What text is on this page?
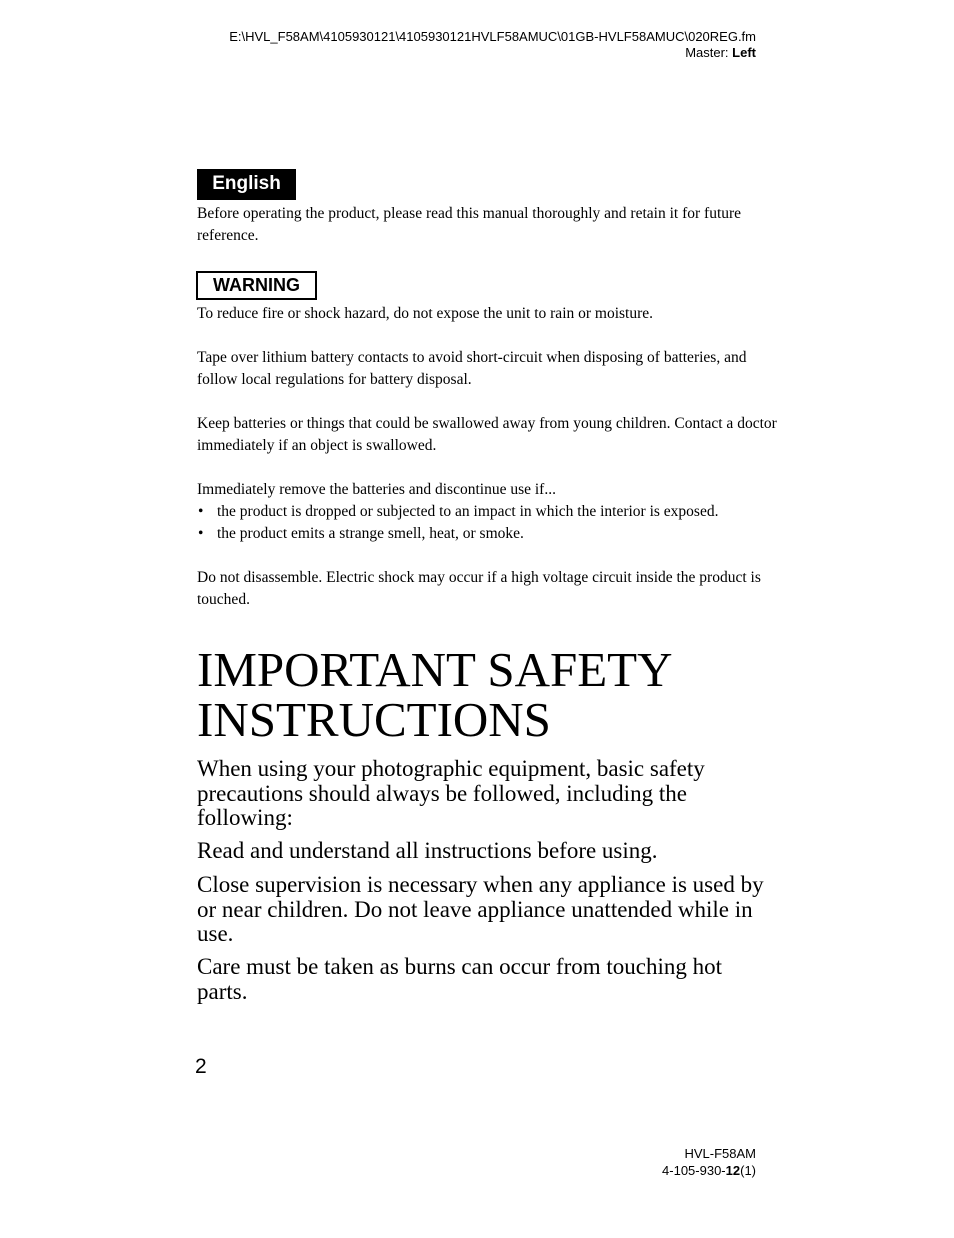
E:\HVL_F58AM\4105930121\4105930121HVLF58AMUC\01GB-HVLF58AMUC\020REG.fm
Master: Left
English
Before operating the product, please read this manual thoroughly and retain it for future reference.
WARNING
To reduce fire or shock hazard, do not expose the unit to rain or moisture.
Tape over lithium battery contacts to avoid short-circuit when disposing of batteries, and follow local regulations for battery disposal.
Keep batteries or things that could be swallowed away from young children. Contact a doctor immediately if an object is swallowed.
Immediately remove the batteries and discontinue use if...
• the product is dropped or subjected to an impact in which the interior is exposed.
• the product emits a strange smell, heat, or smoke.
Do not disassemble. Electric shock may occur if a high voltage circuit inside the product is touched.
IMPORTANT SAFETY
INSTRUCTIONS

When using your photographic equipment, basic safety precautions should always be followed, including the following:

Read and understand all instructions before using.

Close supervision is necessary when any appliance is used by or near children. Do not leave appliance unattended while in use.

Care must be taken as burns can occur from touching hot parts.

2
HVL-F58AM
4-105-930-12(1)
